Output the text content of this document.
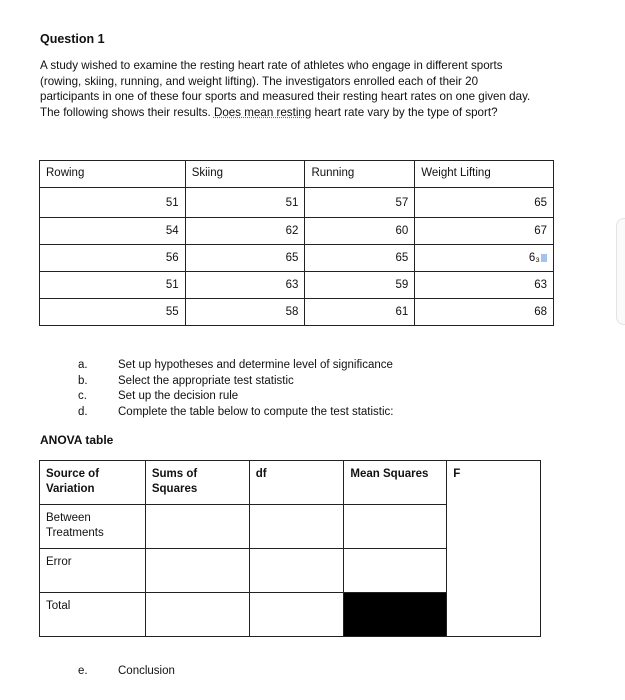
Question 1
A study wished to examine the resting heart rate of athletes who engage in different sports
(rowing, skiing, running, and weight lifting). The investigators enrolled each of their 20
participants in one of these four sports and measured their resting heart rates on one given day.
The following shows their results. Does mean resting heart rate vary by the type of sport?
Rowing	Skiing	Running	Weight Lifting
51	51	57	65
54	62	60	67
56	65	65	6₃
51	63	59	63
55	58	61	68
a.	Set up hypotheses and determine level of significance
b.	Select the appropriate test statistic
c.	Set up the decision rule
d.	Complete the table below to compute the test statistic:
ANOVA table
Source of Variation	Sums of Squares	df	Mean Squares	F
Between Treatments				
Error				
Total				
e.	Conclusion
